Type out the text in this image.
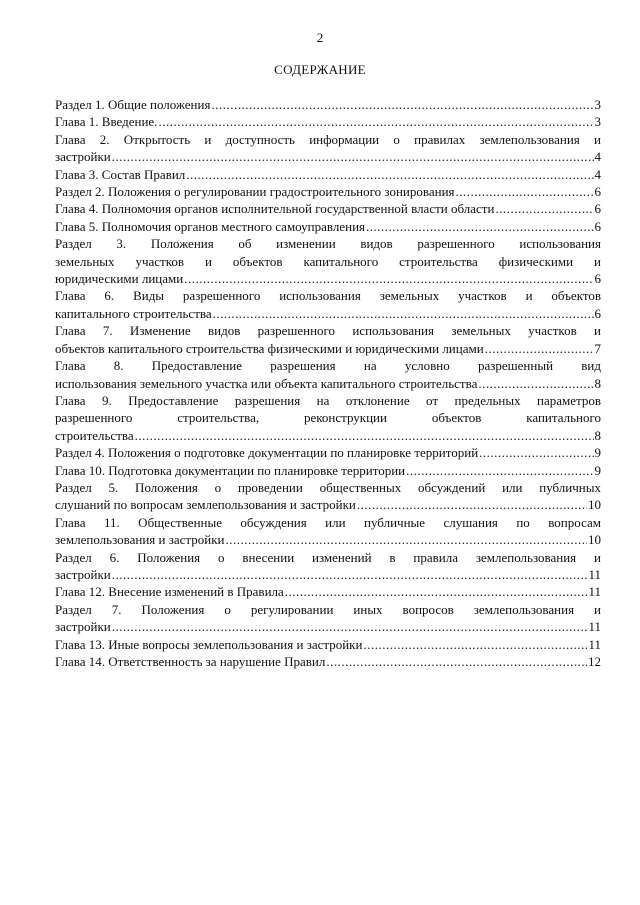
2
СОДЕРЖАНИЕ
Раздел 1. Общие положения .....	3
Глава 1. Введение. .....	3
Глава 2. Открытость и доступность информации о правилах землепользования и
застройки .....	4
Глава 3. Состав Правил .....	4
Раздел 2. Положения о регулировании градостроительного зонирования .....	6
Глава 4. Полномочия органов исполнительной государственной власти области .....	6
Глава 5. Полномочия органов местного самоуправления .....	6
Раздел 3. Положения об изменении видов разрешенного использования
земельных участков и объектов капитального строительства физическими и
юридическими лицами .....	6
Глава 6. Виды разрешенного использования земельных участков и объектов
капитального строительства .....	6
Глава 7. Изменение видов разрешенного использования земельных участков и
объектов капитального строительства физическими и юридическими лицами .....	7
Глава 8. Предоставление разрешения на условно разрешенный вид
использования земельного участка или объекта капитального строительства .....	8
Глава 9. Предоставление разрешения на отклонение от предельных параметров
разрешенного строительства, реконструкции объектов капитального
строительства .....	8
Раздел 4. Положения о подготовке документации по планировке территорий .....	9
Глава 10. Подготовка документации по планировке территории .....	9
Раздел 5. Положения о проведении общественных обсуждений или публичных
слушаний по вопросам землепользования и застройки .....	10
Глава 11. Общественные обсуждения или публичные слушания по вопросам
землепользования и застройки .....	10
Раздел 6. Положения о внесении изменений в правила землепользования и
застройки .....	11
Глава 12. Внесение изменений в Правила .....	11
Раздел 7. Положения о регулировании иных вопросов землепользования и
застройки .....	11
Глава 13. Иные вопросы землепользования и застройки .....	11
Глава 14. Ответственность за нарушение Правил .....	12
